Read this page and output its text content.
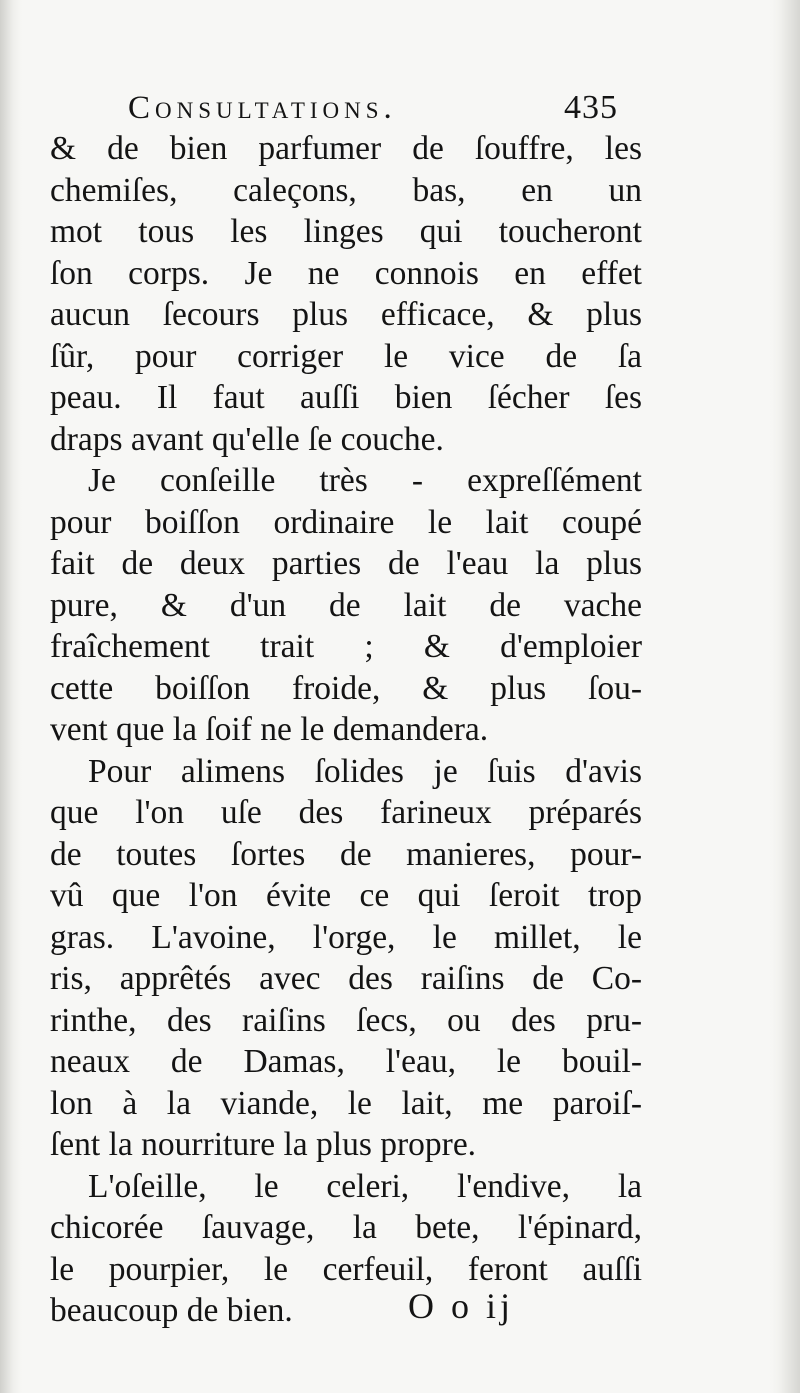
Consultations.	435
& de bien parfumer de ſouffre, les
chemiſes, caleçons, bas, en un
mot tous les linges qui toucheront
ſon corps. Je ne connois en effet
aucun ſecours plus efficace, & plus
ſûr, pour corriger le vice de ſa
peau. Il faut auſſi bien ſécher ſes
draps avant qu'elle ſe couche.
Je conſeille très - expreſſément
pour boiſſon ordinaire le lait coupé
fait de deux parties de l'eau la plus
pure, & d'un de lait de vache
fraîchement trait ; & d'emploier
cette boiſſon froide, & plus ſou-
vent que la ſoif ne le demandera.
Pour alimens ſolides je ſuis d'avis
que l'on uſe des farineux préparés
de toutes ſortes de manieres, pour-
vû que l'on évite ce qui ſeroit trop
gras. L'avoine, l'orge, le millet, le
ris, apprêtés avec des raiſins de Co-
rinthe, des raiſins ſecs, ou des pru-
neaux de Damas, l'eau, le bouil-
lon à la viande, le lait, me paroiſ-
ſent la nourriture la plus propre.
L'oſeille, le celeri, l'endive, la
chicorée ſauvage, la bete, l'épinard,
le pourpier, le cerfeuil, feront auſſi
beaucoup de bien.	O o ij
